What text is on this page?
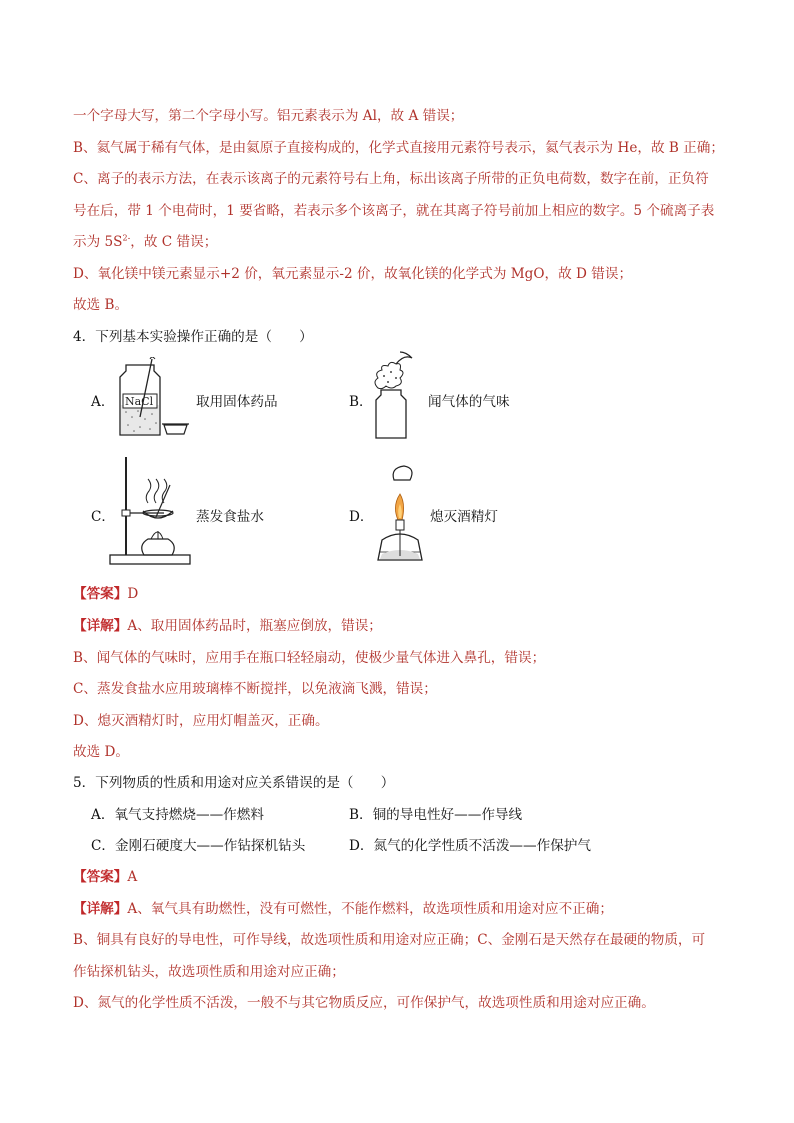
一个字母大写，第二个字母小写。铝元素表示为 Al，故 A 错误；
B、氦气属于稀有气体，是由氦原子直接构成的，化学式直接用元素符号表示，氦气表示为 He，故 B 正确；
C、离子的表示方法，在表示该离子的元素符号右上角，标出该离子所带的正负电荷数，数字在前，正负符
号在后，带 1 个电荷时，1 要省略，若表示多个该离子，就在其离子符号前加上相应的数字。5 个硫离子表
示为 $5S^{2-}$，故 C 错误；
D、氧化镁中镁元素显示+2 价，氧元素显示-2 价，故氧化镁的化学式为 MgO，故 D 错误；
故选 B。
4．下列基本实验操作正确的是（　　）
A． NaCl	取用固体药品	B．	闻气体的气味
C．	蒸发食盐水	D．	熄灭酒精灯
【答案】D
【详解】A、取用固体药品时，瓶塞应倒放，错误；
B、闻气体的气味时，应用手在瓶口轻轻扇动，使极少量气体进入鼻孔，错误；
C、蒸发食盐水应用玻璃棒不断搅拌，以免液滴飞溅，错误；
D、熄灭酒精灯时，应用灯帽盖灭，正确。
故选 D。
5．下列物质的性质和用途对应关系错误的是（　　）
A．氧气支持燃烧——作燃料	B．铜的导电性好——作导线
C．金刚石硬度大——作钻探机钻头	D．氮气的化学性质不活泼——作保护气
【答案】A
【详解】A、氧气具有助燃性，没有可燃性，不能作燃料，故选项性质和用途对应不正确；
B、铜具有良好的导电性，可作导线，故选项性质和用途对应正确；C、金刚石是天然存在最硬的物质，可
作钻探机钻头，故选项性质和用途对应正确；
D、氮气的化学性质不活泼，一般不与其它物质反应，可作保护气，故选项性质和用途对应正确。
